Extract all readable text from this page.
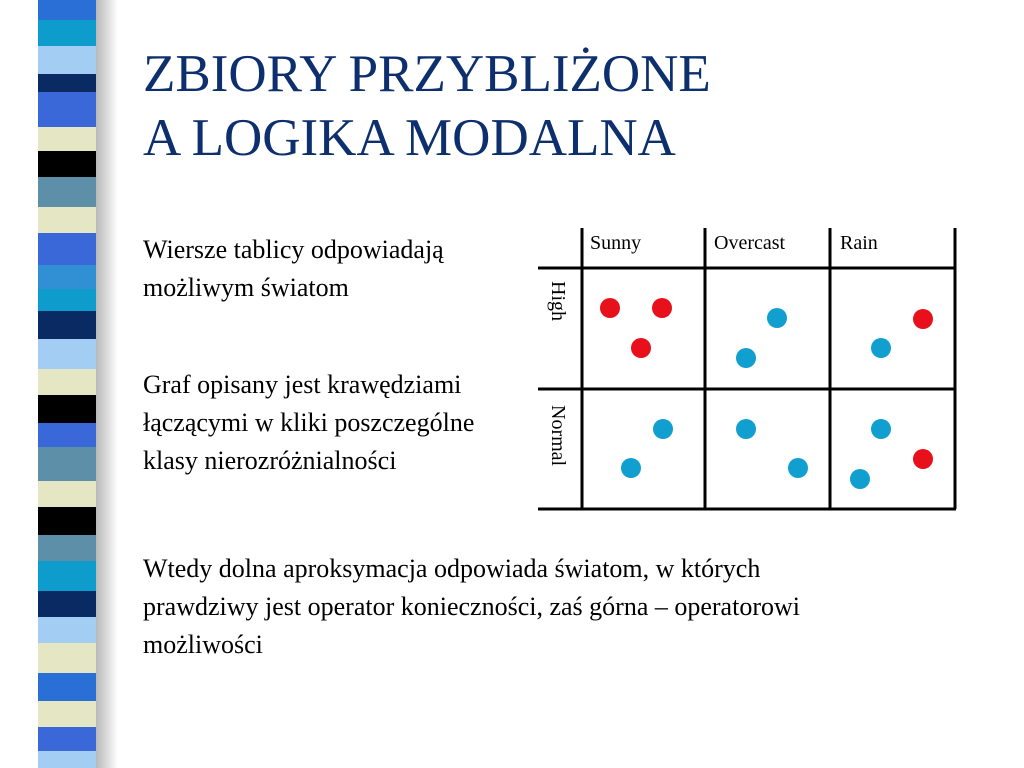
ZBIORY PRZYBLIŻONE
A LOGIKA MODALNA

Wiersze tablicy odpowiadają możliwym światom

Graf opisany jest krawędziami łączącymi w kliki poszczególne klasy nierozróżnialności

Sunny	Overcast	Rain
High
Normal

Wtedy dolna aproksymacja odpowiada światom, w których prawdziwy jest operator konieczności, zaś górna – operatorowi możliwości
